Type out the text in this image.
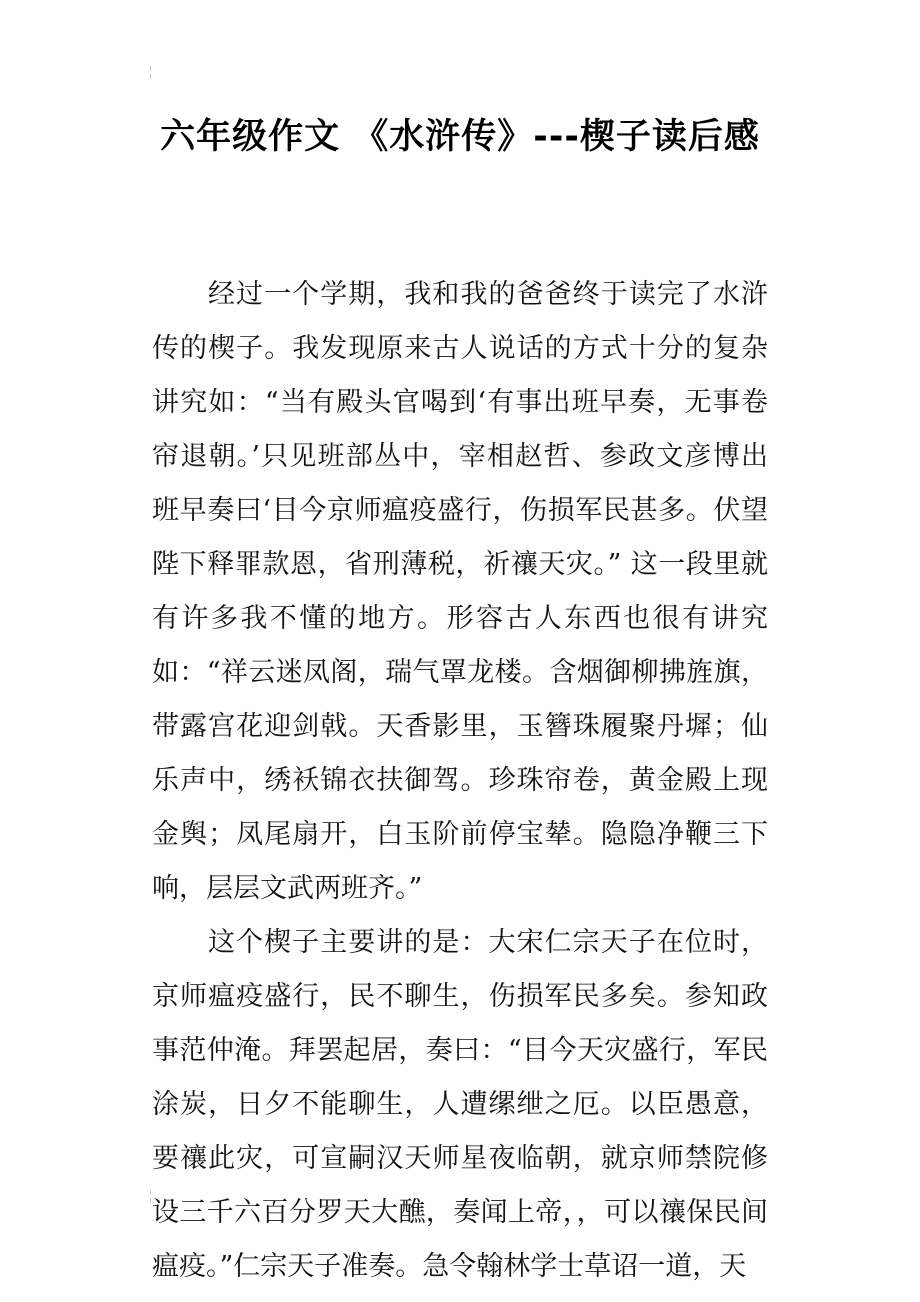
六年级作文 《水浒传》---楔子读后感

经过一个学期，我和我的爸爸终于读完了水浒传的楔子。我发现原来古人说话的方式十分的复杂讲究如：“当有殿头官喝到‘有事出班早奏，无事卷帘退朝。’只见班部丛中，宰相赵哲、参政文彦博出班早奏曰‘目今京师瘟疫盛行，伤损军民甚多。伏望陛下释罪款恩，省刑薄税，祈禳天灾。” 这一段里就有许多我不懂的地方。形容古人东西也很有讲究如：“祥云迷凤阁，瑞气罩龙楼。含烟御柳拂旌旗，带露宫花迎剑戟。天香影里，玉簪珠履聚丹墀；仙乐声中，绣袄锦衣扶御驾。珍珠帘卷，黄金殿上现金舆；凤尾扇开，白玉阶前停宝辇。隐隐净鞭三下响，层层文武两班齐。”

这个楔子主要讲的是：大宋仁宗天子在位时，京师瘟疫盛行，民不聊生，伤损军民多矣。参知政事范仲淹。拜罢起居，奏曰：“目今天灾盛行，军民涂炭，日夕不能聊生，人遭缧绁之厄。以臣愚意，要禳此灾，可宣嗣汉天师星夜临朝，就京师禁院修设三千六百分罗天大醮，奏闻上帝，，可以禳保民间瘟疫。”仁宗天子准奏。急令翰林学士草诏一道，天
